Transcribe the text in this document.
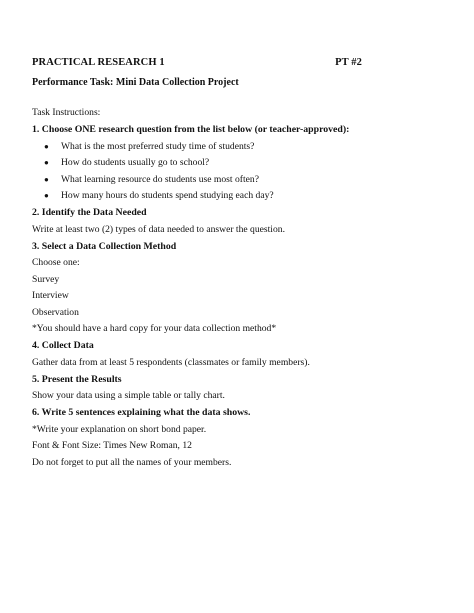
PRACTICAL RESEARCH 1	PT #2
Performance Task: Mini Data Collection Project
Task Instructions:
1. Choose ONE research question from the list below (or teacher-approved):
● What is the most preferred study time of students?
● How do students usually go to school?
● What learning resource do students use most often?
● How many hours do students spend studying each day?
2. Identify the Data Needed
Write at least two (2) types of data needed to answer the question.
3. Select a Data Collection Method
Choose one:
Survey
Interview
Observation
*You should have a hard copy for your data collection method*
4. Collect Data
Gather data from at least 5 respondents (classmates or family members).
5. Present the Results
Show your data using a simple table or tally chart.
6. Write 5 sentences explaining what the data shows.
*Write your explanation on short bond paper.
Font & Font Size: Times New Roman, 12
Do not forget to put all the names of your members.
